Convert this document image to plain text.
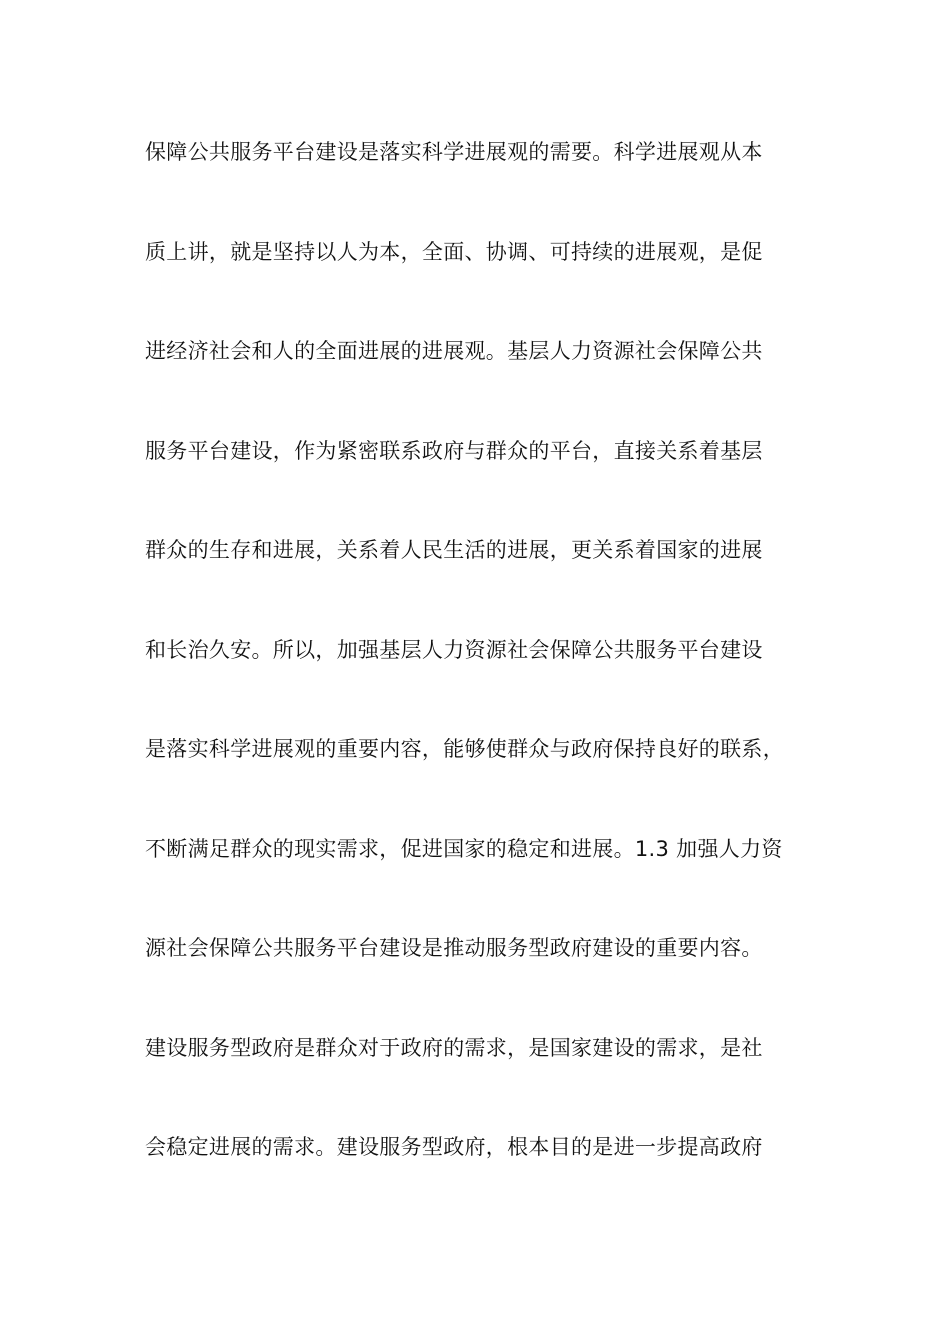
保障公共服务平台建设是落实科学进展观的需要。科学进展观从本
质上讲，就是坚持以人为本，全面、协调、可持续的进展观，是促
进经济社会和人的全面进展的进展观。基层人力资源社会保障公共
服务平台建设，作为紧密联系政府与群众的平台，直接关系着基层
群众的生存和进展，关系着人民生活的进展，更关系着国家的进展
和长治久安。所以，加强基层人力资源社会保障公共服务平台建设
是落实科学进展观的重要内容，能够使群众与政府保持良好的联系，
不断满足群众的现实需求，促进国家的稳定和进展。1.3 加强人力资
源社会保障公共服务平台建设是推动服务型政府建设的重要内容。
建设服务型政府是群众对于政府的需求，是国家建设的需求，是社
会稳定进展的需求。建设服务型政府，根本目的是进一步提高政府
